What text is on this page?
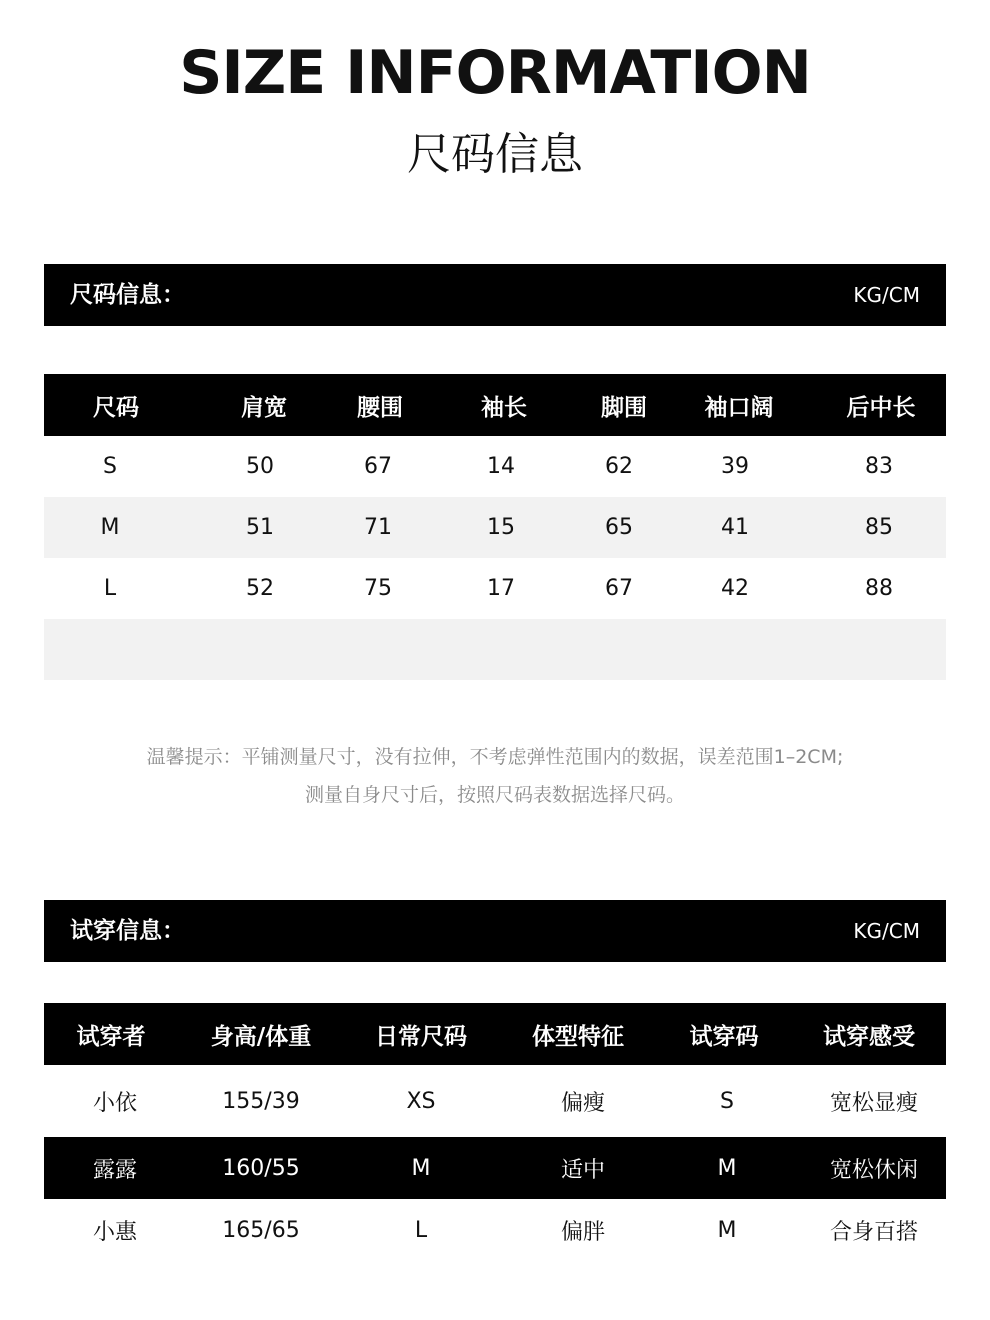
SIZE INFORMATION
尺码信息
尺码信息：	KG/CM
尺码	肩宽	腰围	袖长	脚围	袖口阔	后中长
S	50	67	14	62	39	83
M	51	71	15	65	41	85
L	52	75	17	67	42	88
温馨提示：平铺测量尺寸，没有拉伸，不考虑弹性范围内的数据，误差范围1–2CM;
测量自身尺寸后，按照尺码表数据选择尺码。
试穿信息：	KG/CM
试穿者	身高/体重	日常尺码	体型特征	试穿码	试穿感受
小依	155/39	XS	偏瘦	S	宽松显瘦
露露	160/55	M	适中	M	宽松休闲
小惠	165/65	L	偏胖	M	合身百搭
